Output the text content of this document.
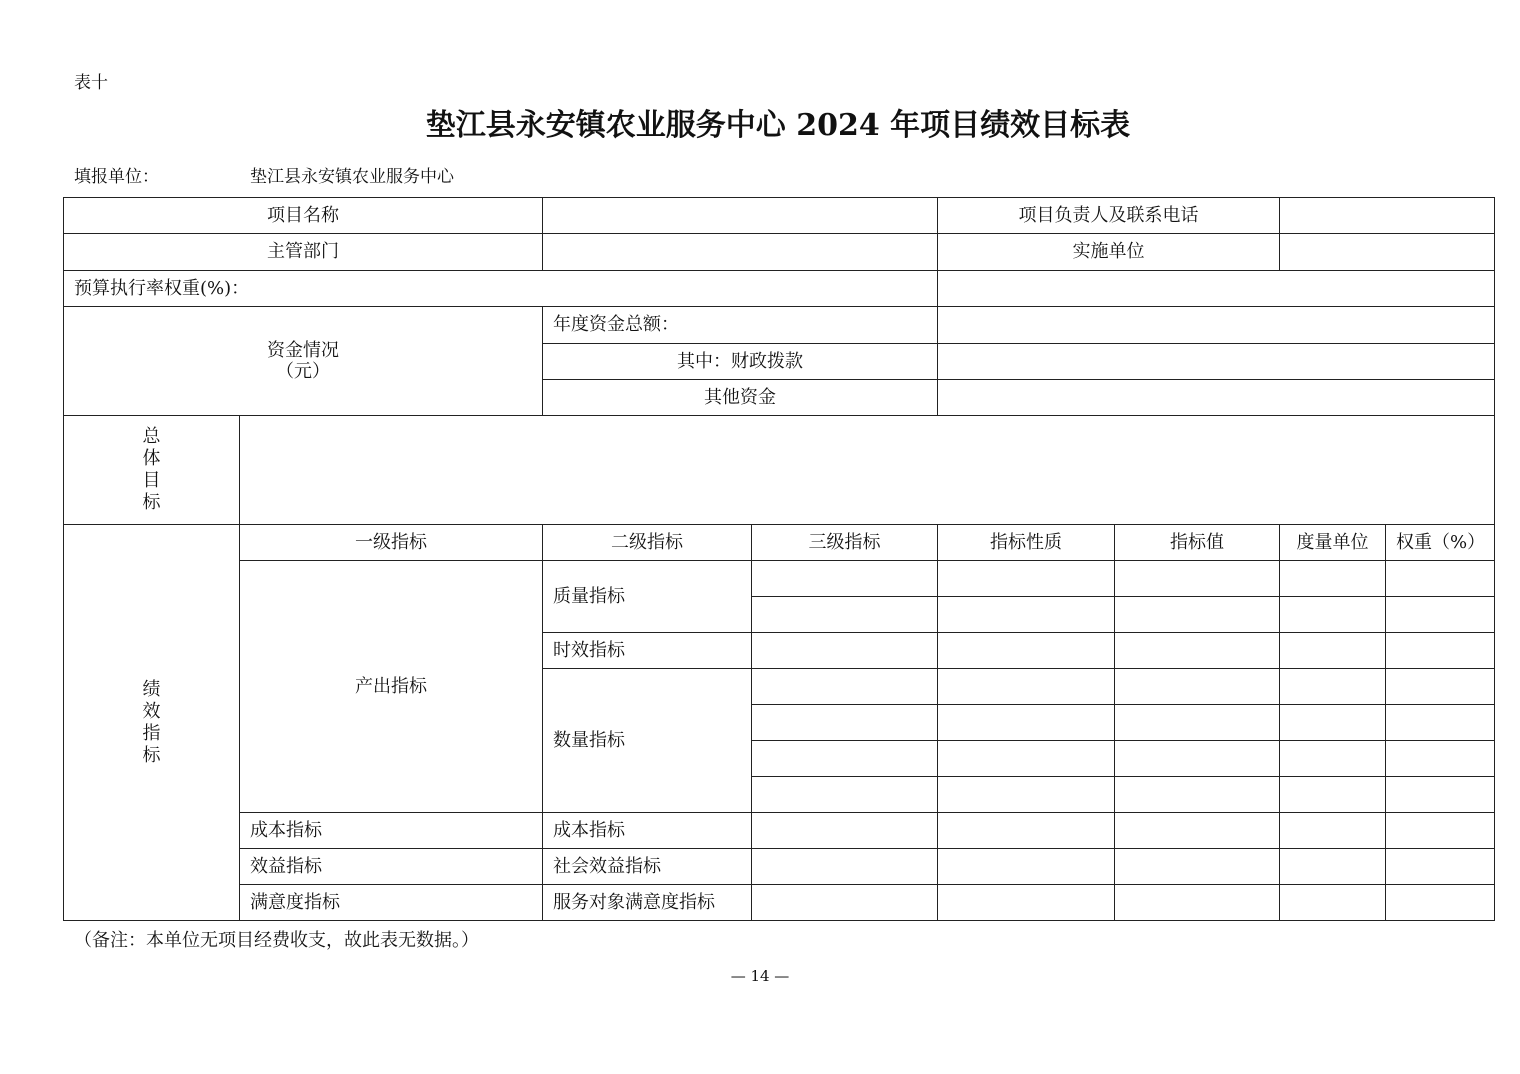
表十
垫江县永安镇农业服务中心 2024 年项目绩效目标表
填报单位：	垫江县永安镇农业服务中心
项目名称				项目负责人及联系电话			
主管部门				实施单位			
预算执行率权重(%)：							
资金情况
（元）		年度资金总额：					
		其中：财政拨款					
		其他资金					
总体目标							
绩效指标	一级指标	二级指标	三级指标	指标性质	指标值	度量单位	权重（%）
	产出指标	质量指标					

		时效指标					
		数量指标					

	成本指标	成本指标					
	效益指标	社会效益指标					
	满意度指标	服务对象满意度指标					
（备注：本单位无项目经费收支，故此表无数据。）
— 14 —
